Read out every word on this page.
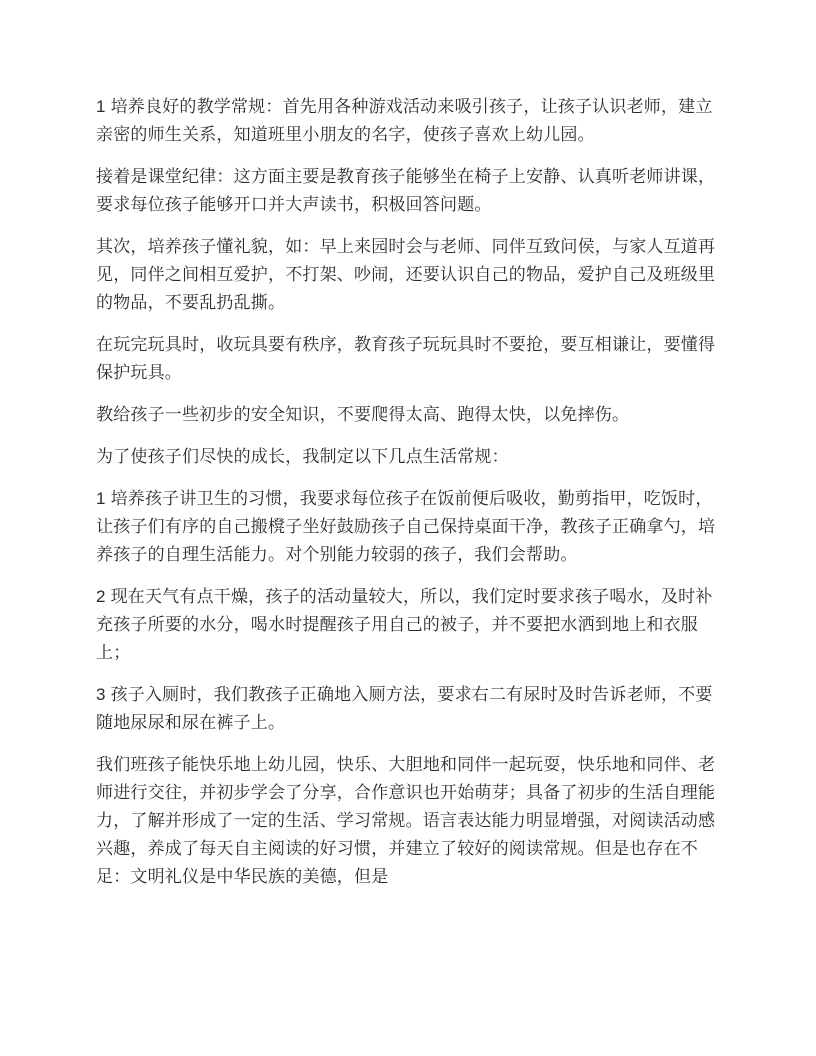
1 培养良好的教学常规：首先用各种游戏活动来吸引孩子，让孩子认识老师，建立亲密的师生关系，知道班里小朋友的名字，使孩子喜欢上幼儿园。

接着是课堂纪律：这方面主要是教育孩子能够坐在椅子上安静、认真听老师讲课，要求每位孩子能够开口并大声读书，积极回答问题。

其次，培养孩子懂礼貌，如：早上来园时会与老师、同伴互致问侯，与家人互道再见，同伴之间相互爱护，不打架、吵闹，还要认识自己的物品，爱护自己及班级里的物品，不要乱扔乱撕。

在玩完玩具时，收玩具要有秩序，教育孩子玩玩具时不要抢，要互相谦让，要懂得保护玩具。

教给孩子一些初步的安全知识，不要爬得太高、跑得太快，以免摔伤。

为了使孩子们尽快的成长，我制定以下几点生活常规：

1 培养孩子讲卫生的习惯，我要求每位孩子在饭前便后吸收，勤剪指甲，吃饭时，让孩子们有序的自己搬櫈子坐好鼓励孩子自己保持桌面干净，教孩子正确拿勺，培养孩子的自理生活能力。对个别能力较弱的孩子，我们会帮助。

2 现在天气有点干燥，孩子的活动量较大，所以，我们定时要求孩子喝水，及时补充孩子所要的水分，喝水时提醒孩子用自己的被子，并不要把水洒到地上和衣服上；

3 孩子入厕时，我们教孩子正确地入厕方法，要求右二有尿时及时告诉老师，不要随地尿尿和尿在裤子上。

我们班孩子能快乐地上幼儿园，快乐、大胆地和同伴一起玩耍，快乐地和同伴、老师进行交往，并初步学会了分享，合作意识也开始萌芽；具备了初步的生活自理能力，了解并形成了一定的生活、学习常规。语言表达能力明显增强，对阅读活动感兴趣，养成了每天自主阅读的好习惯，并建立了较好的阅读常规。但是也存在不足：文明礼仪是中华民族的美德，但是
